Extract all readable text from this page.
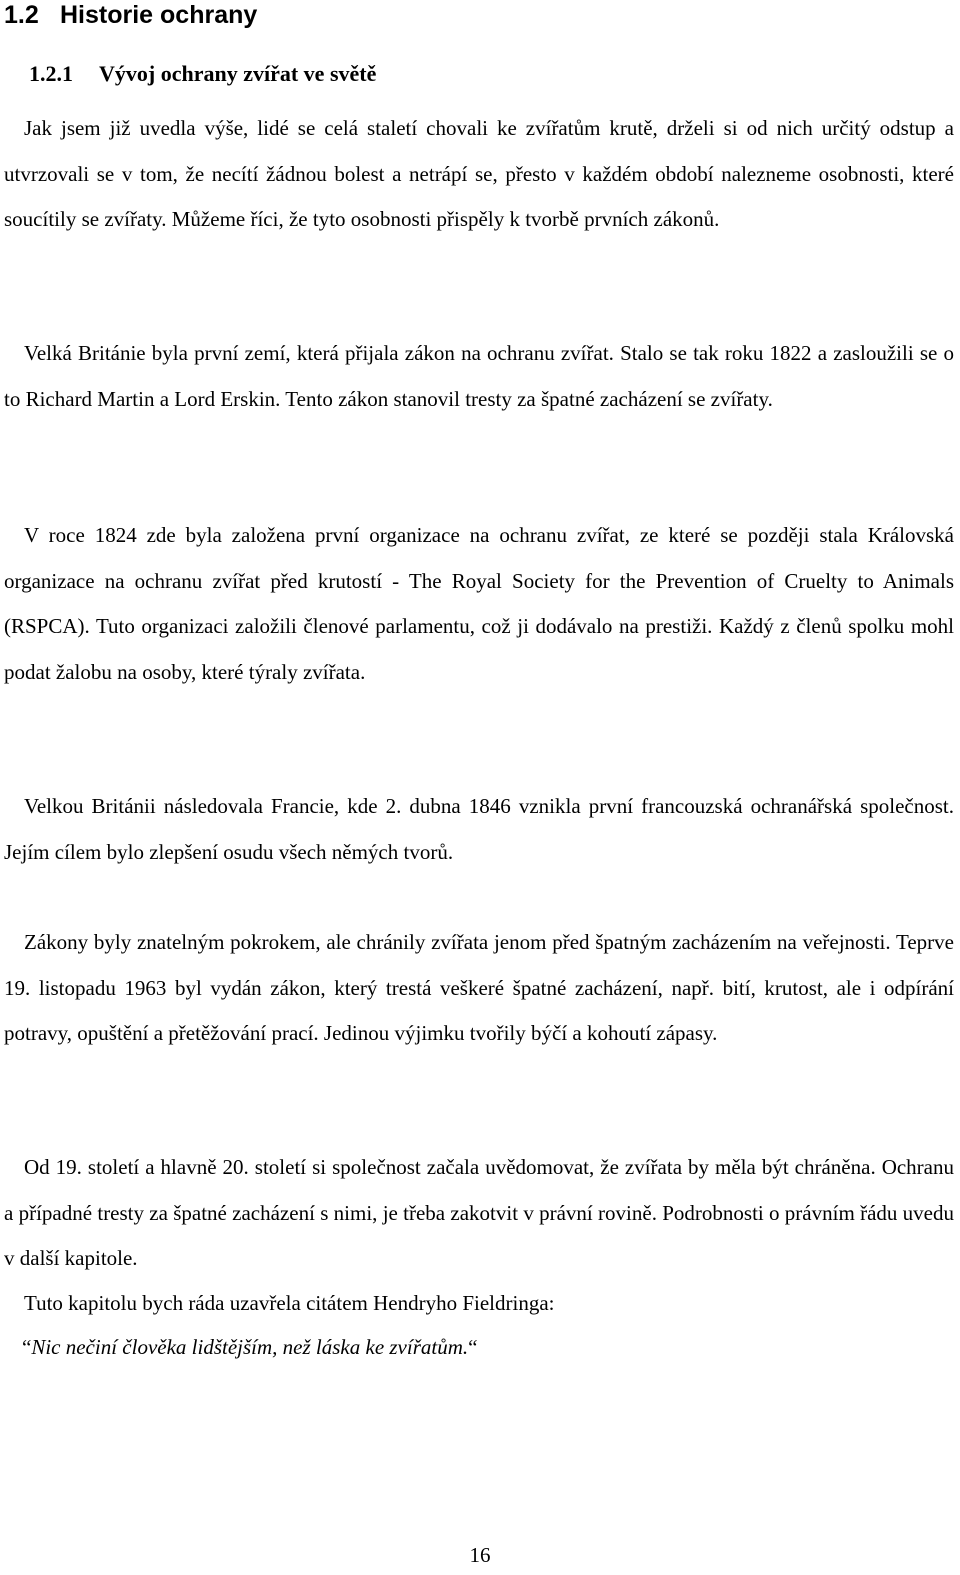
1.2 Historie ochrany
1.2.1 Vývoj ochrany zvířat ve světě

Jak jsem již uvedla výše, lidé se celá staletí chovali ke zvířatům krutě, drželi si od nich určitý odstup a utvrzovali se v tom, že necítí žádnou bolest a netrápí se, přesto v každém období nalezneme osobnosti, které soucítily se zvířaty. Můžeme říci, že tyto osobnosti přispěly k tvorbě prvních zákonů.

Velká Británie byla první zemí, která přijala zákon na ochranu zvířat. Stalo se tak roku 1822 a zasloužili se o to Richard Martin a Lord Erskin. Tento zákon stanovil tresty za špatné zacházení se zvířaty.

V roce 1824 zde byla založena první organizace na ochranu zvířat, ze které se později stala Královská organizace na ochranu zvířat před krutostí - The Royal Society for the Prevention of Cruelty to Animals (RSPCA). Tuto organizaci založili členové parlamentu, což ji dodávalo na prestiži. Každý z členů spolku mohl podat žalobu na osoby, které týraly zvířata.

Velkou Británii následovala Francie, kde 2. dubna 1846 vznikla první francouzská ochranářská společnost. Jejím cílem bylo zlepšení osudu všech němých tvorů.

Zákony byly znatelným pokrokem, ale chránily zvířata jenom před špatným zacházením na veřejnosti. Teprve 19. listopadu 1963 byl vydán zákon, který trestá veškeré špatné zacházení, např. bití, krutost, ale i odpírání potravy, opuštění a přetěžování prací. Jedinou výjimku tvořily býčí a kohoutí zápasy.

Od 19. století a hlavně 20. století si společnost začala uvědomovat, že zvířata by měla být chráněna. Ochranu a případné tresty za špatné zacházení s nimi, je třeba zakotvit v právní rovině. Podrobnosti o právním řádu uvedu v další kapitole.

Tuto kapitolu bych ráda uzavřela citátem Hendryho Fieldringa:

“Nic nečiní člověka lidštějším, než láska ke zvířatům.“
16
